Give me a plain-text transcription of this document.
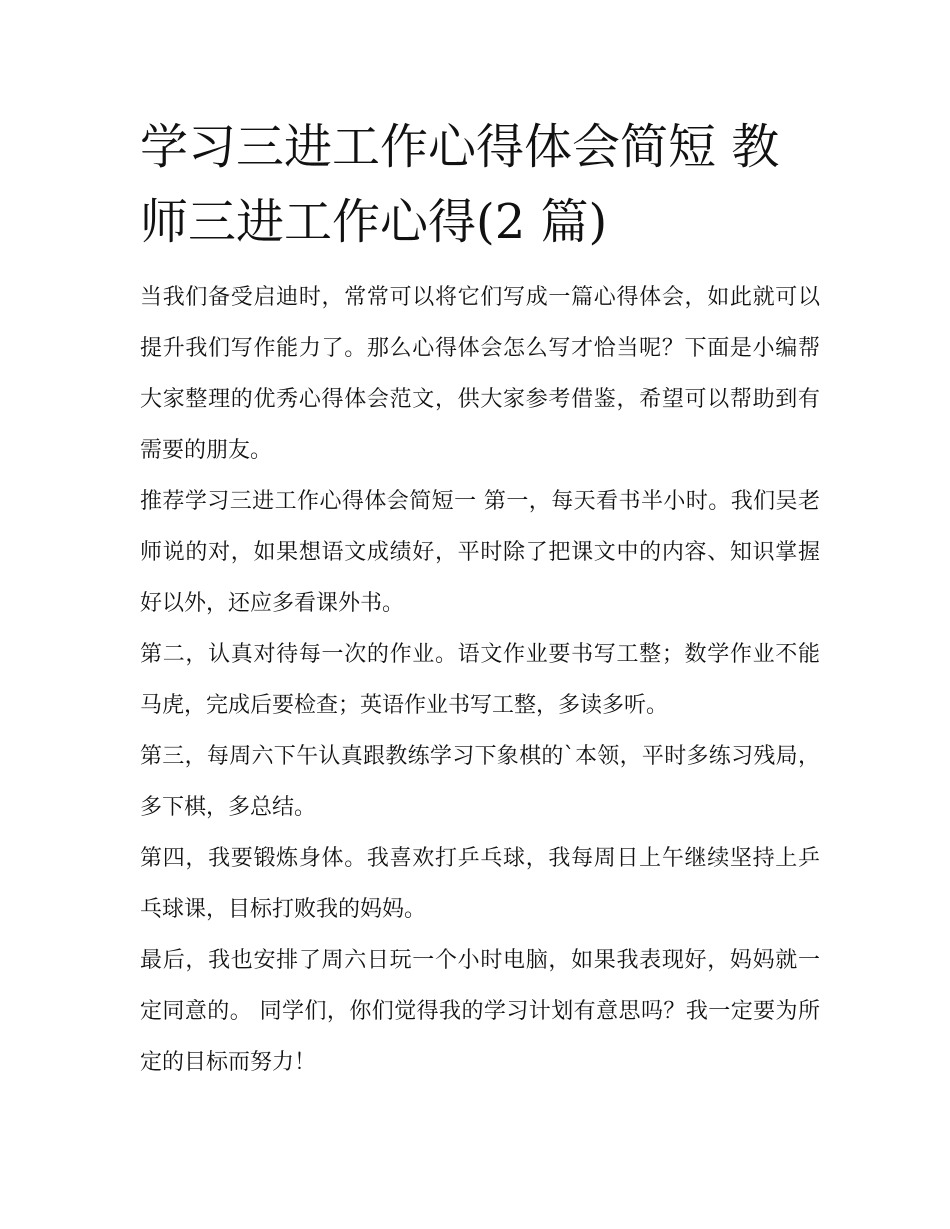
学习三进工作心得体会简短 教师三进工作心得(2 篇)

当我们备受启迪时，常常可以将它们写成一篇心得体会，如此就可以提升我们写作能力了。那么心得体会怎么写才恰当呢？下面是小编帮大家整理的优秀心得体会范文，供大家参考借鉴，希望可以帮助到有需要的朋友。

推荐学习三进工作心得体会简短一 第一，每天看书半小时。我们吴老师说的对，如果想语文成绩好，平时除了把课文中的内容、知识掌握好以外，还应多看课外书。

第二，认真对待每一次的作业。语文作业要书写工整；数学作业不能马虎，完成后要检查；英语作业书写工整，多读多听。

第三，每周六下午认真跟教练学习下象棋的`本领，平时多练习残局，多下棋，多总结。

第四，我要锻炼身体。我喜欢打乒乓球，我每周日上午继续坚持上乒乓球课，目标打败我的妈妈。

最后，我也安排了周六日玩一个小时电脑，如果我表现好，妈妈就一定同意的。 同学们，你们觉得我的学习计划有意思吗？我一定要为所定的目标而努力！
